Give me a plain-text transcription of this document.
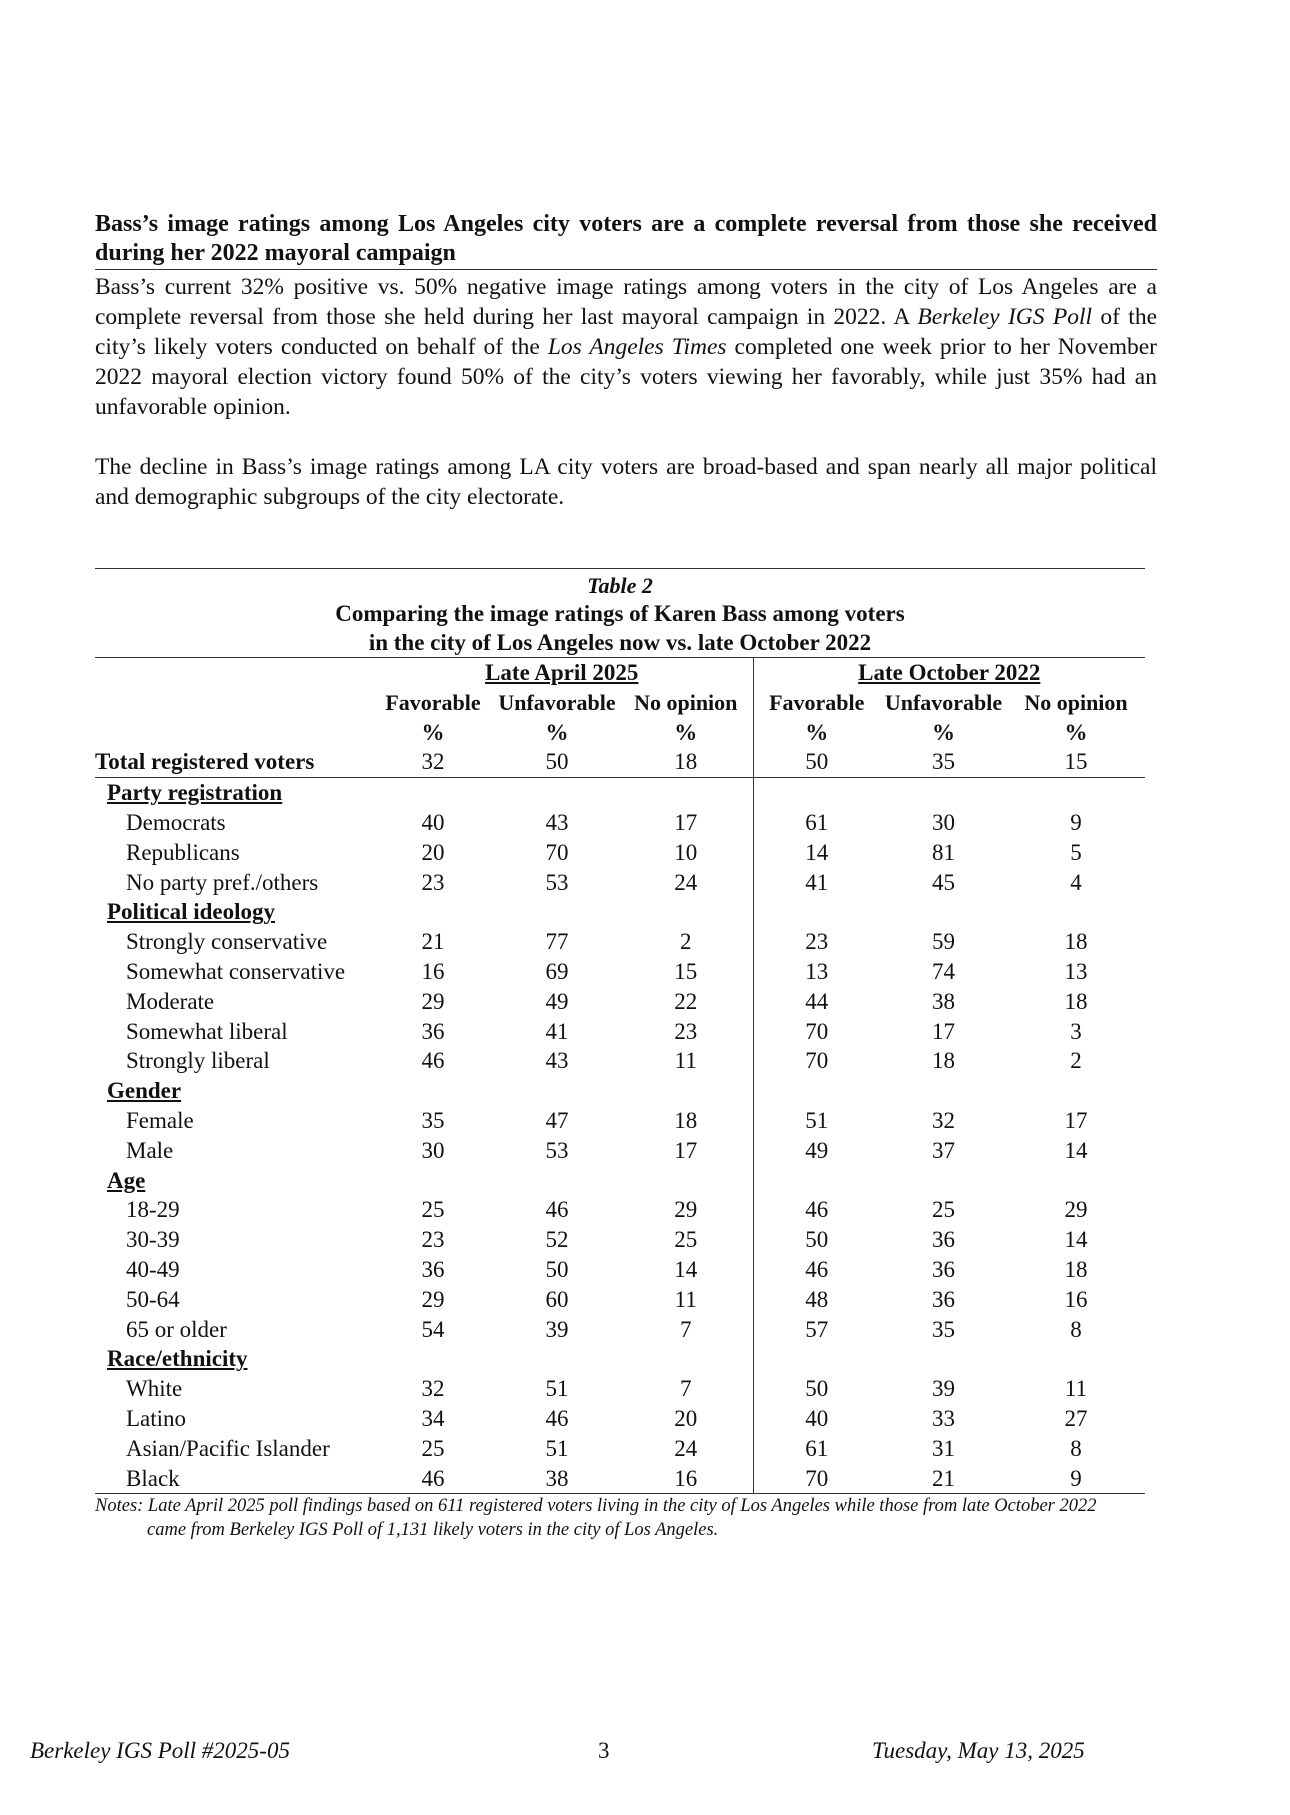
Bass’s image ratings among Los Angeles city voters are a complete reversal from those she received during her 2022 mayoral campaign

Bass’s current 32% positive vs. 50% negative image ratings among voters in the city of Los Angeles are a complete reversal from those she held during her last mayoral campaign in 2022. A Berkeley IGS Poll of the city’s likely voters conducted on behalf of the Los Angeles Times completed one week prior to her November 2022 mayoral election victory found 50% of the city’s voters viewing her favorably, while just 35% had an unfavorable opinion.

The decline in Bass’s image ratings among LA city voters are broad-based and span nearly all major political and demographic subgroups of the city electorate.

Table 2
Comparing the image ratings of Karen Bass among voters
in the city of Los Angeles now vs. late October 2022
	Late April 2025			Late October 2022		
	Favorable	Unfavorable	No opinion	Favorable	Unfavorable	No opinion
	%	%	%	%	%	%
Total registered voters	32	50	18	50	35	15
Party registration						
Democrats	40	43	17	61	30	9
Republicans	20	70	10	14	81	5
No party pref./others	23	53	24	41	45	4
Political ideology						
Strongly conservative	21	77	2	23	59	18
Somewhat conservative	16	69	15	13	74	13
Moderate	29	49	22	44	38	18
Somewhat liberal	36	41	23	70	17	3
Strongly liberal	46	43	11	70	18	2
Gender						
Female	35	47	18	51	32	17
Male	30	53	17	49	37	14
Age						
18-29	25	46	29	46	25	29
30-39	23	52	25	50	36	14
40-49	36	50	14	46	36	18
50-64	29	60	11	48	36	16
65 or older	54	39	7	57	35	8
Race/ethnicity						
White	32	51	7	50	39	11
Latino	34	46	20	40	33	27
Asian/Pacific Islander	25	51	24	61	31	8
Black	46	38	16	70	21	9
Notes: Late April 2025 poll findings based on 611 registered voters living in the city of Los Angeles while those from late October 2022 came from Berkeley IGS Poll of 1,131 likely voters in the city of Los Angeles.
Berkeley IGS Poll #2025-05	3	Tuesday, May 13, 2025
